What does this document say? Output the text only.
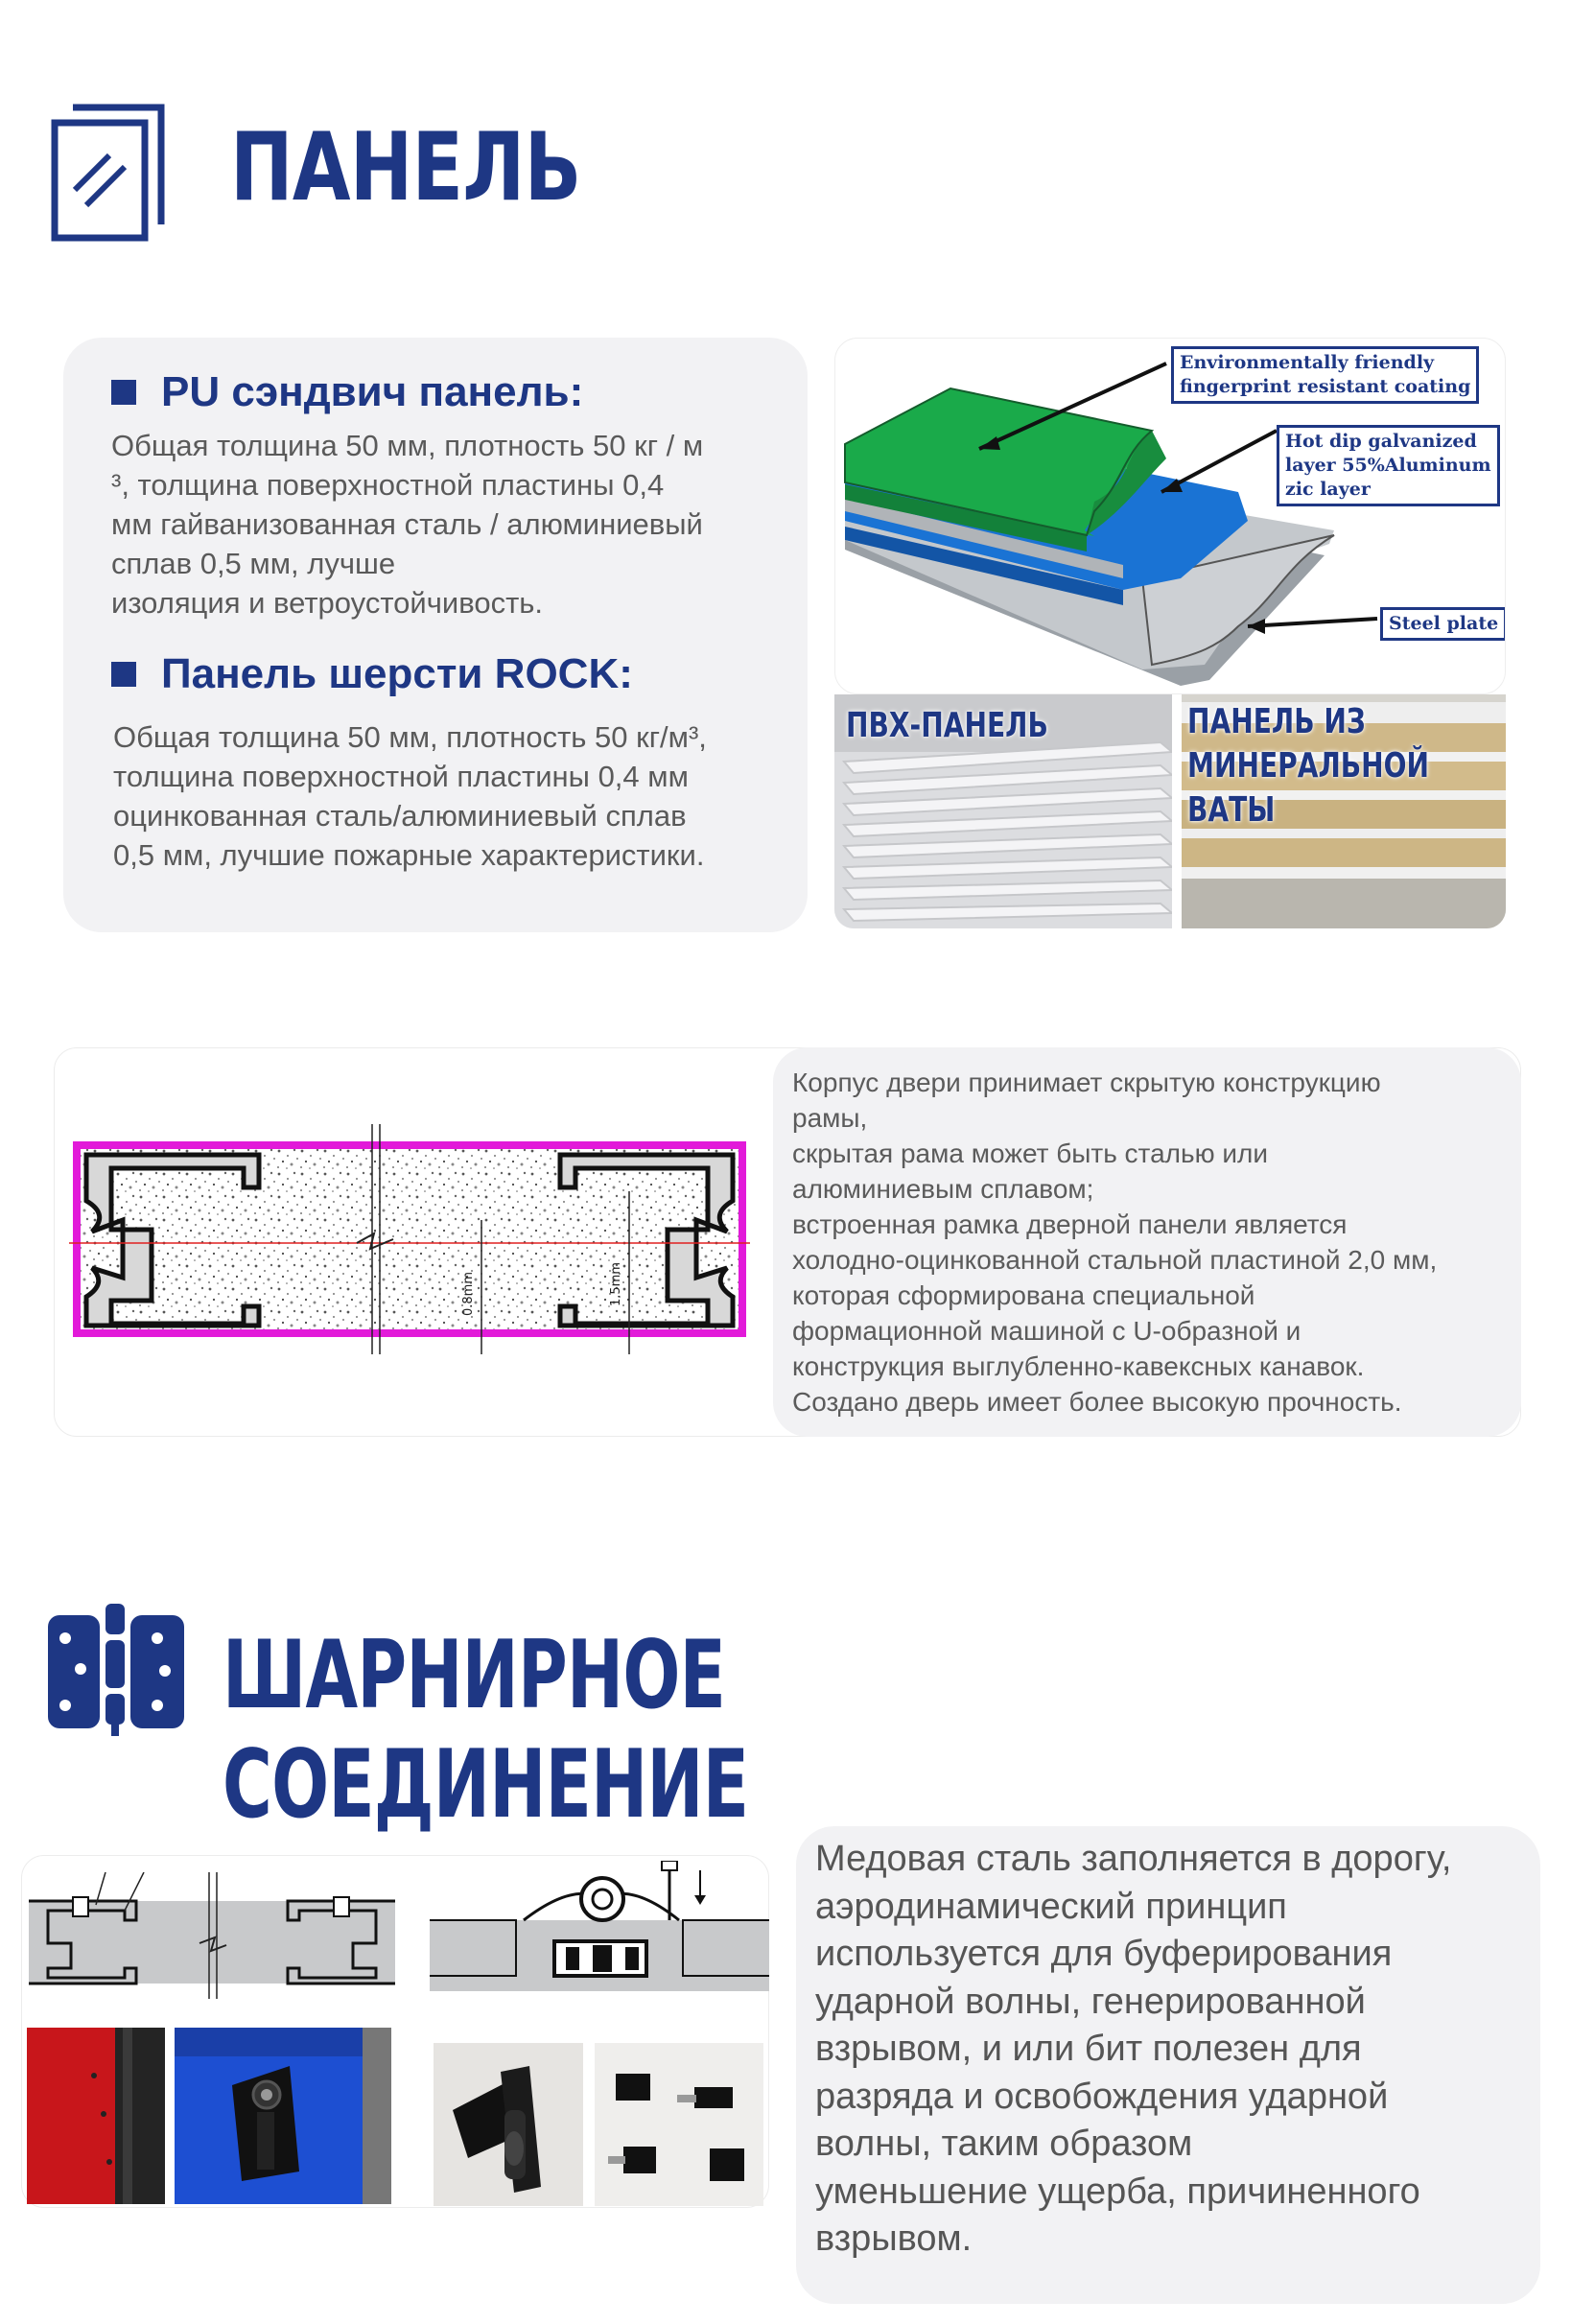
ПАНЕЛЬ
PU сэндвич панель:
Общая толщина 50 мм, плотность 50 кг / м
³, толщина поверхностной пластины 0,4
мм гайванизованная сталь / алюминиевый
сплав 0,5 мм, лучше
изоляция и ветроустойчивость.
Панель шерсти ROCK:
Общая толщина 50 мм, плотность 50 кг/м³,
толщина поверхностной пластины 0,4 мм
оцинкованная сталь/алюминиевый сплав
0,5 мм, лучшие пожарные характеристики.
Environmentally friendly
fingerprint resistant coating
Hot dip galvanized
layer 55%Aluminum
zic layer
Steel plate
ПВХ-ПАНЕЛЬ	ПАНЕЛЬ ИЗ
МИНЕРАЛЬНОЙ
ВАТЫ
0.8mm	1.5mm
Корпус двери принимает скрытую конструкцию
рамы,
скрытая рама может быть сталью или
алюминиевым сплавом;
встроенная рамка дверной панели является
холодно-оцинкованной стальной пластиной 2,0 мм,
которая сформирована специальной
формационной машиной с U-образной и
конструкция выглубленно-кавексных канавок.
Создано дверь имеет более высокую прочность.
ШАРНИРНОЕ СОЕДИНЕНИЕ
Медовая сталь заполняется в дорогу,
аэродинамический принцип
используется для буферирования
ударной волны, генерированной
взрывом, и или бит полезен для
разряда и освобождения ударной
волны, таким образом
уменьшение ущерба, причиненного
взрывом.
